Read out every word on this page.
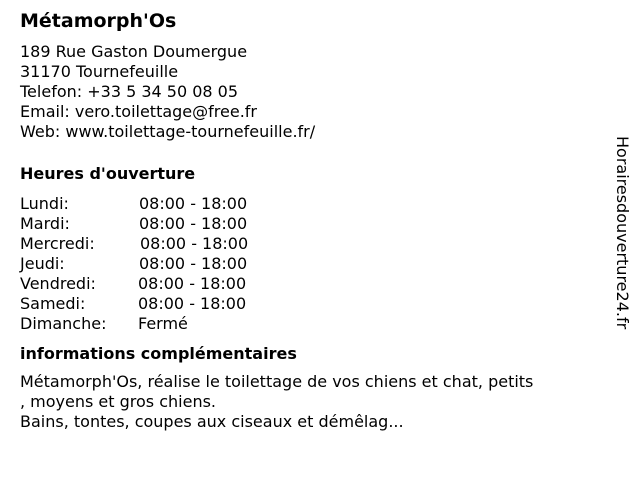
Métamorph'Os
189 Rue Gaston Doumergue
31170 Tournefeuille
Telefon: +33 5 34 50 08 05
Email: vero.toilettage@free.fr
Web: www.toilettage-tournefeuille.fr/
Heures d'ouverture
Lundi:	08:00 - 18:00
Mardi:	08:00 - 18:00
Mercredi:	08:00 - 18:00
Jeudi:	08:00 - 18:00
Vendredi:	08:00 - 18:00
Samedi:	08:00 - 18:00
Dimanche: Fermé
informations complémentaires
Métamorph'Os, réalise le toilettage de vos chiens et chat, petits
, moyens et gros chiens.
Bains, tontes, coupes aux ciseaux et démêlag...
Horairesdouverture24.fr
